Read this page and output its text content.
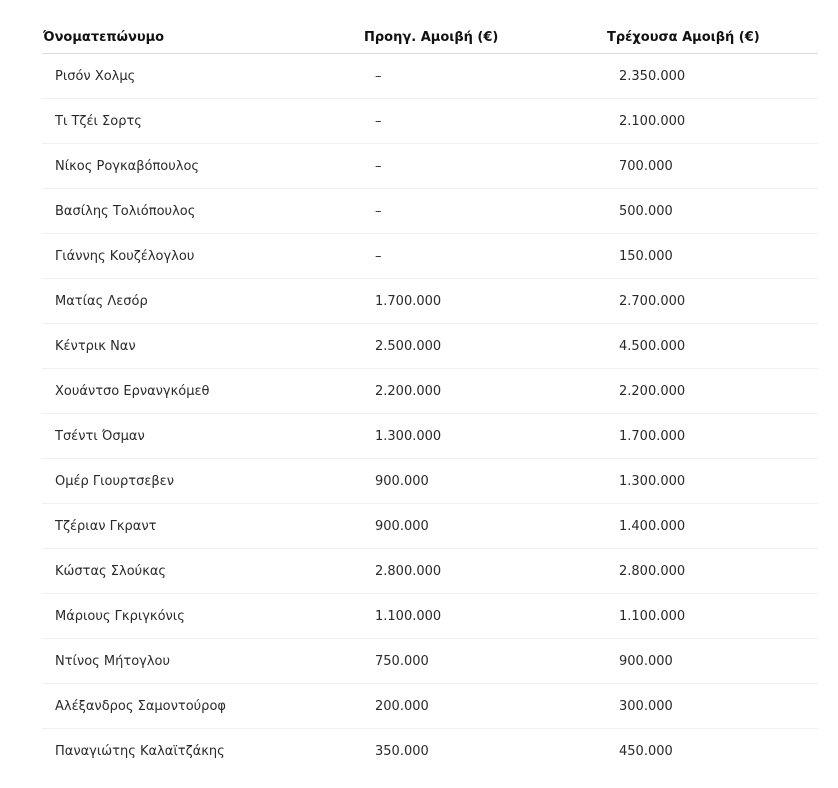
Όνοματεπώνυμο	Προηγ. Αμοιβή (€)	Τρέχουσα Αμοιβή (€)
Ρισόν Χολμς	–	2.350.000
Τι Τζέι Σορτς	–	2.100.000
Νίκος Ρογκαβόπουλος	–	700.000
Βασίλης Τολιόπουλος	–	500.000
Γιάννης Κουζέλογλου	–	150.000
Ματίας Λεσόρ	1.700.000	2.700.000
Κέντρικ Ναν	2.500.000	4.500.000
Χουάντσο Ερνανγκόμεθ	2.200.000	2.200.000
Τσέντι Όσμαν	1.300.000	1.700.000
Ομέρ Γιουρτσεβεν	900.000	1.300.000
Τζέριαν Γκραντ	900.000	1.400.000
Κώστας Σλούκας	2.800.000	2.800.000
Μάριους Γκριγκόνις	1.100.000	1.100.000
Ντίνος Μήτογλου	750.000	900.000
Αλέξανδρος Σαμοντούροφ	200.000	300.000
Παναγιώτης Καλαϊτζάκης	350.000	450.000
